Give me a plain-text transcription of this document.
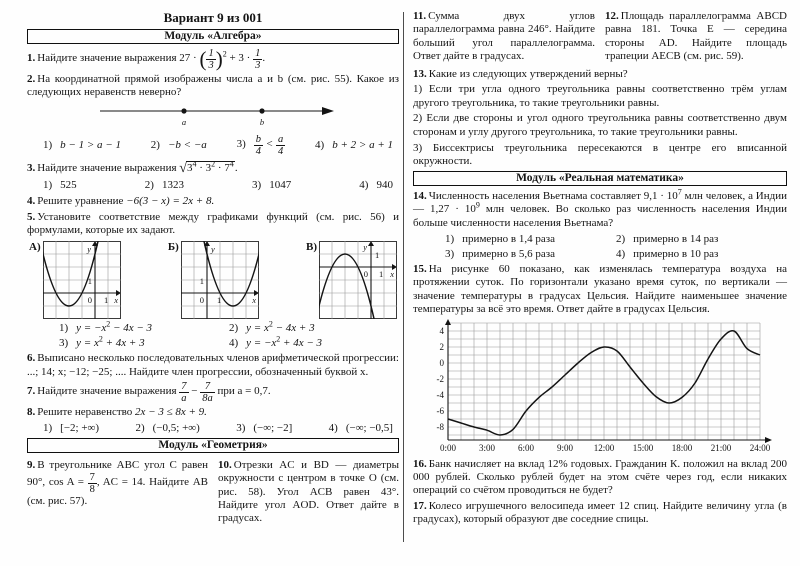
Вариант 9 из 001
Модуль «Алгебра»

1. Найдите значение выражения 27 · ( $\frac{1}{3} )^2 + 3 \cdot \frac{1}{3}$ .

2. На координатной прямой изображены числа a и b (см. рис. 55). Какое из следующих неравенств неверно?

a	b
1) b − 1 > a − 1	2) −b < −a	$3) \frac{b}{4} < \frac{a}{4}$	4) b + 2 > a + 1

3. Найдите значение выражения $√3^4 \cdot 3^2 \cdot 7^4$.

1) 525	2) 1323	3) 1047	4) 940

4. Решите уравнение −6(3 − x) = 2x + 8.

5. Установите соответствие между графиками функций (см. рис. 56) и формулами, которые их задают.

А)	y
1
0 1 x
Б)	y
1
0 1	x
В)	y
1
0 1 x
1) $y = -x^2 - 4x - 3$	2) $y = x^2 - 4x + 3$
3) $y = x^2 + 4x + 3$	4) $y = -x^2 + 4x - 3$

6. Выписано несколько последовательных членов арифметической прогрессии: ...; 14; x; −12; −25; .... Найдите член прогрессии, обозначенный буквой x.

7. Найдите значение выражения $\frac{7}{a} - \frac{7}{8a}$ при a = 0,7.

8. Решите неравенство 2x − 3 ≤ 8x + 9.

1) [−2; +∞)	2) (−0,5; +∞)	3) (−∞; −2]	4) (−∞; −0,5]
Модуль «Геометрия»

9. В треугольнике ABC угол C равен 90°, $\cos A = \frac{7}{8}$ , AC = 14. Найдите AB (см. рис. 57).

10. Отрезки AC и BD — диаметры окружности с центром в точке O (см. рис. 58). Угол ACB равен 43°. Найдите угол AOD. Ответ дайте в градусах.

11. Сумма двух углов параллелограмма равна 246°. Найдите больший угол параллелограмма. Ответ дайте в градусах.

12. Площадь параллелограмма ABCD равна 181. Точка E — середина стороны AD. Найдите площадь трапеции AECB (см. рис. 59).

13. Какие из следующих утверждений верны?

1) Если три угла одного треугольника равны соответственно трём углам другого треугольника, то такие треугольники равны.

2) Если две стороны и угол одного треугольника равны соответственно двум сторонам и углу другого треугольника, то такие треугольники равны.

3) Биссектрисы треугольника пересекаются в центре его вписанной окружности.

Модуль «Реальная математика»

14. Численность населения Вьетнама составляет $9,1 \cdot 10^7$ млн человек, а Индии — $1,27 \cdot 10^9$ млн человек. Во сколько раз численность населения Индии больше численности населения Вьетнама?

1) примерно в 1,4 раза	2) примерно в 14 раз
3) примерно в 5,6 раза	4) примерно в 10 раз

15. На рисунке 60 показано, как изменялась температура воздуха на протяжении суток. По горизонтали указано время суток, по вертикали — значение температуры в градусах Цельсия. Найдите наименьшее значение температуры за всё это время. Ответ дайте в градусах Цельсия.

4
2
0
-2
-4
-6
-8
0:00	3:00	6:00	9:00 12:00 15:00 18:00 21:00 24:00

16. Банк начисляет на вклад 12% годовых. Гражданин К. положил на вклад 200 000 рублей. Сколько рублей будет на этом счёте через год, если никаких операций со счётом проводиться не будет?

17. Колесо игрушечного велосипеда имеет 12 спиц. Найдите величину угла (в градусах), который образуют две соседние спицы.
